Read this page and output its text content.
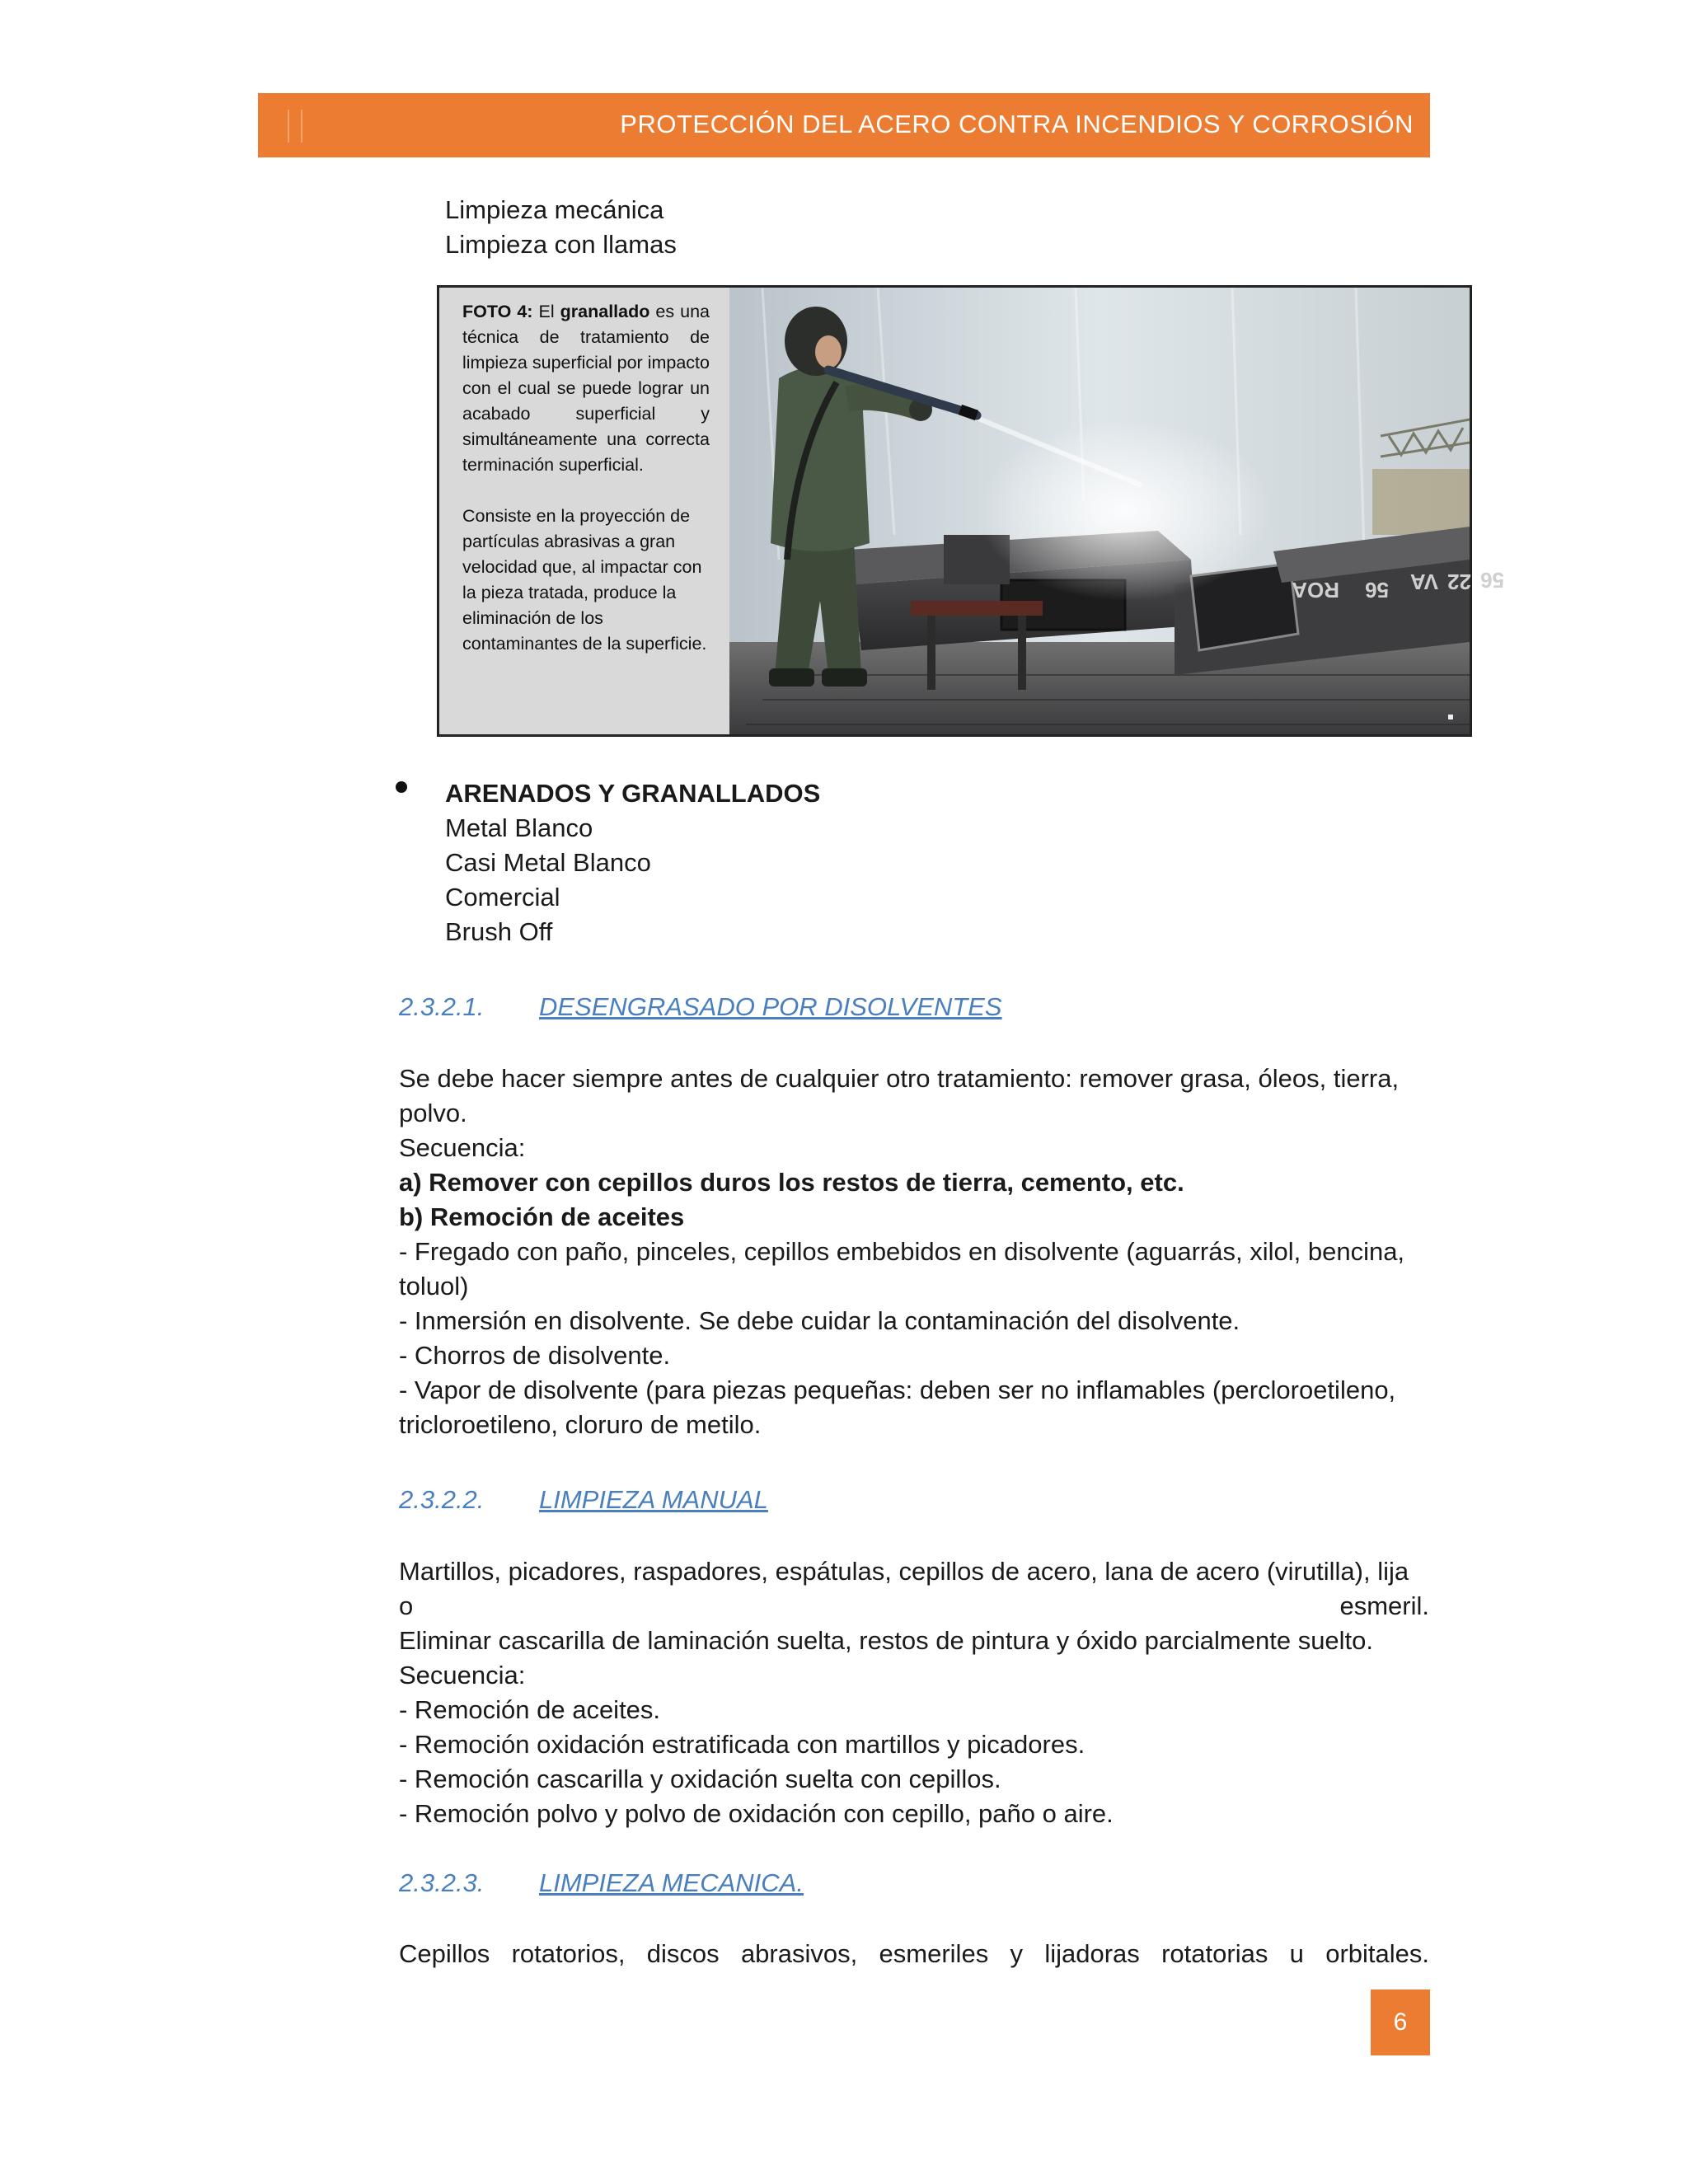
PROTECCIÓN DEL ACERO CONTRA INCENDIOS Y CORROSIÓN
Limpieza mecánica
Limpieza con llamas

FOTO 4: El granallado es una técnica de tratamiento de limpieza superficial por impacto con el cual se puede lograr un acabado superficial y simultáneamente una correcta terminación superficial.

Consiste en la proyección de partículas abrasivas a gran velocidad que, al impactar con la pieza tratada, produce la eliminación de los contaminantes de la superficie.

ROA 56 VA 22 56
ARENADOS Y GRANALLADOS
Metal Blanco
Casi Metal Blanco
Comercial
Brush Off
2.3.2.1. DESENGRASADO POR DISOLVENTES
Se debe hacer siempre antes de cualquier otro tratamiento: remover grasa, óleos, tierra,
polvo.
Secuencia:
a) Remover con cepillos duros los restos de tierra, cemento, etc.
b) Remoción de aceites
- Fregado con paño, pinceles, cepillos embebidos en disolvente (aguarrás, xilol, bencina,
toluol)
- Inmersión en disolvente. Se debe cuidar la contaminación del disolvente.
- Chorros de disolvente.
- Vapor de disolvente (para piezas pequeñas: deben ser no inflamables (percloroetileno,
tricloroetileno, cloruro de metilo.
2.3.2.2. LIMPIEZA MANUAL
Martillos, picadores, raspadores, espátulas, cepillos de acero, lana de acero (virutilla), lija
o	esmeril.
Eliminar cascarilla de laminación suelta, restos de pintura y óxido parcialmente suelto.
Secuencia:
- Remoción de aceites.
- Remoción oxidación estratificada con martillos y picadores.
- Remoción cascarilla y oxidación suelta con cepillos.
- Remoción polvo y polvo de oxidación con cepillo, paño o aire.
2.3.2.3. LIMPIEZA MECANICA.
Cepillos rotatorios, discos abrasivos, esmeriles y lijadoras rotatorias u orbitales.
6
